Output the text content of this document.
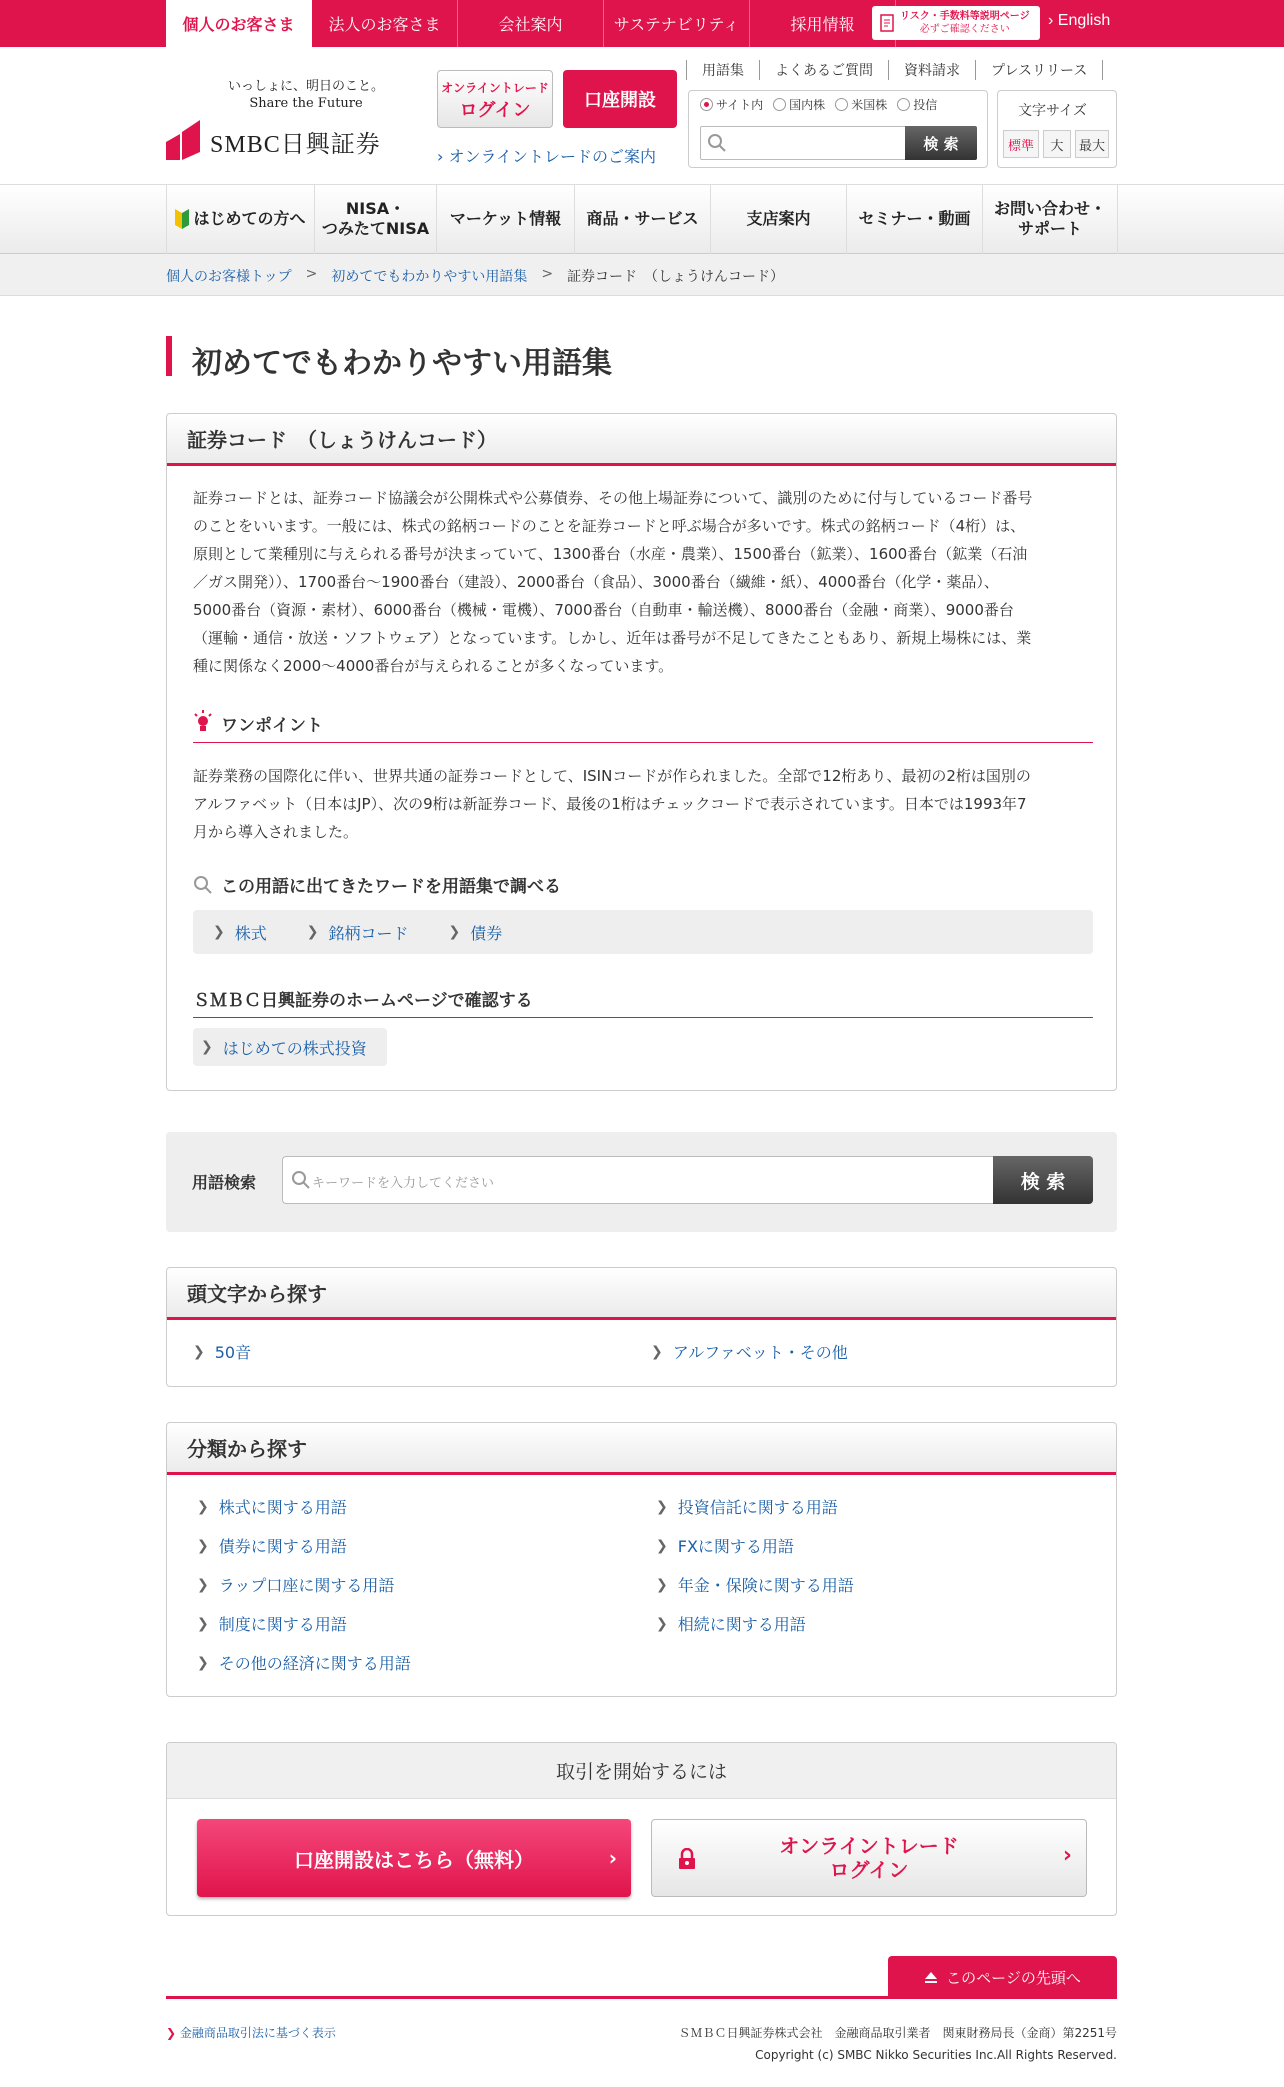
個人のお客さま	法人のお客さま	会社案内	サステナビリティ	採用情報
リスク・手数料等説明ページ
必ずご確認ください
› English
いっしょに、明日のこと。
Share the Future
SMBC日興証券
オンライントレード
ログイン	口座開設
› オンライントレードのご案内
用語集	よくあるご質問	資料請求	プレスリリース
サイト内 国内株 米国株 投信
検 索
文字サイズ
標準	大	最大
はじめての方へ
NISA・
つみたてNISA
マーケット情報	商品・サービス	支店案内	セミナー・動画
お問い合わせ・
サポート
個人のお客様トップ > 初めてでもわかりやすい用語集 > 証券コード　（しょうけんコード）
初めてでもわかりやすい用語集
証券コード　（しょうけんコード）
証券コードとは、証券コード協議会が公開株式や公募債券、その他上場証券について、識別のために付与しているコード番号
のことをいいます。一般には、株式の銘柄コードのことを証券コードと呼ぶ場合が多いです。株式の銘柄コード（4桁）は、
原則として業種別に与えられる番号が決まっていて、1300番台（水産・農業）、1500番台（鉱業）、1600番台（鉱業（石油
／ガス開発））、1700番台～1900番台（建設）、2000番台（食品）、3000番台（繊維・紙）、4000番台（化学・薬品）、
5000番台（資源・素材）、6000番台（機械・電機）、7000番台（自動車・輸送機）、8000番台（金融・商業）、9000番台
（運輸・通信・放送・ソフトウェア）となっています。しかし、近年は番号が不足してきたこともあり、新規上場株には、業
種に関係なく2000～4000番台が与えられることが多くなっています。
ワンポイント
証券業務の国際化に伴い、世界共通の証券コードとして、ISINコードが作られました。全部で12桁あり、最初の2桁は国別の
アルファベット（日本はJP）、次の9桁は新証券コード、最後の1桁はチェックコードで表示されています。日本では1993年7
月から導入されました。
この用語に出てきたワードを用語集で調べる
❯ 株式	❯ 銘柄コード	❯ 債券
ＳＭＢＣ日興証券のホームページで確認する
❯ はじめての株式投資
用語検索	キーワードを入力してください	検 索
頭文字から探す
❯ 50音	❯ アルファベット・その他
分類から探す
❯ 株式に関する用語
❯ 債券に関する用語
❯ ラップ口座に関する用語
❯ 制度に関する用語
❯ その他の経済に関する用語
❯ 投資信託に関する用語
❯ FXに関する用語
❯ 年金・保険に関する用語
❯ 相続に関する用語
取引を開始するには
口座開設はこちら（無料）	›	オンライントレード
ログイン
›
このページの先頭へ
❯ 金融商品取引法に基づく表示	ＳＭＢＣ日興証券株式会社　金融商品取引業者　関東財務局長（金商）第2251号
Copyright (c) SMBC Nikko Securities Inc.All Rights Reserved.
